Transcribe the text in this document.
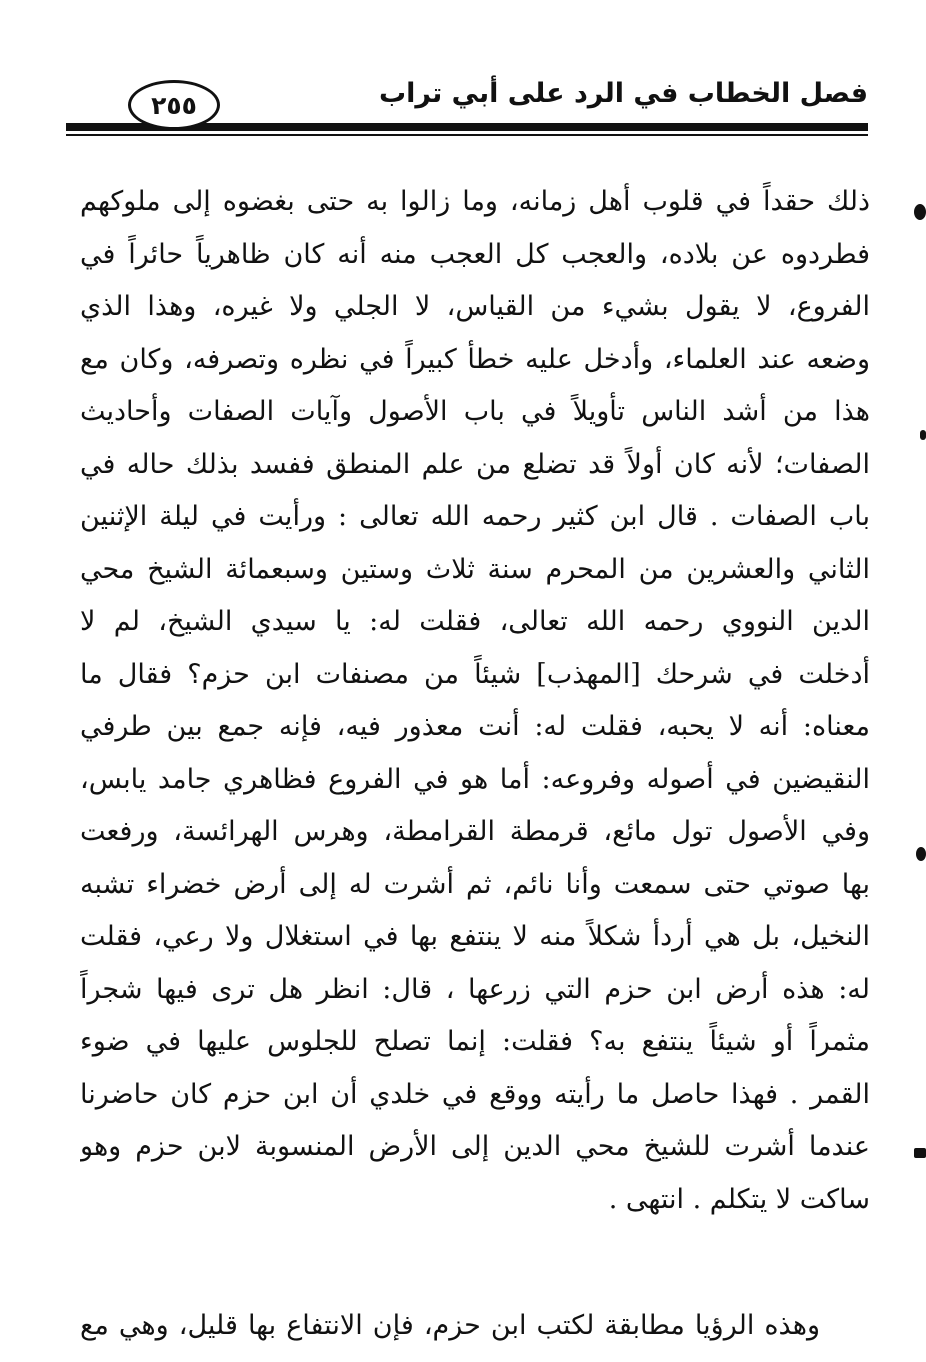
فصل الخطاب في الرد على أبي تراب
٢٥٥
ذلك حقداً في قلوب أهل زمانه، وما زالوا به حتى بغضوه إلى ملوكهم
فطردوه عن بلاده، والعجب كل العجب منه أنه كان ظاهرياً حائراً في
الفروع، لا يقول بشيء من القياس، لا الجلي ولا غيره، وهذا الذي
وضعه عند العلماء، وأدخل عليه خطأ كبيراً في نظره وتصرفه، وكان مع
هذا من أشد الناس تأويلاً في باب الأصول وآيات الصفات وأحاديث
الصفات؛ لأنه كان أولاً قد تضلع من علم المنطق ففسد بذلك حاله في
باب الصفات . قال ابن كثير رحمه الله تعالى : ورأيت في ليلة الإثنين
الثاني والعشرين من المحرم سنة ثلاث وستين وسبعمائة الشيخ محي
الدين النووي رحمه الله تعالى، فقلت له: يا سيدي الشيخ، لم لا
أدخلت في شرحك [المهذب] شيئاً من مصنفات ابن حزم؟ فقال ما
معناه: أنه لا يحبه، فقلت له: أنت معذور فيه، فإنه جمع بين طرفي
النقيضين في أصوله وفروعه: أما هو في الفروع فظاهري جامد يابس،
وفي الأصول تول مائع، قرمطة القرامطة، وهرس الهرائسة، ورفعت
بها صوتي حتى سمعت وأنا نائم، ثم أشرت له إلى أرض خضراء تشبه
النخيل، بل هي أردأ شكلاً منه لا ينتفع بها في استغلال ولا رعي، فقلت
له: هذه أرض ابن حزم التي زرعها ، قال: انظر هل ترى فيها شجراً
مثمراً أو شيئاً ينتفع به؟ فقلت: إنما تصلح للجلوس عليها في ضوء
القمر . فهذا حاصل ما رأيته ووقع في خلدي أن ابن حزم كان حاضرنا
عندما أشرت للشيخ محي الدين إلى الأرض المنسوبة لابن حزم وهو
ساكت لا يتكلم . انتهى .
وهذه الرؤيا مطابقة لكتب ابن حزم، فإن الانتفاع بها قليل، وهي مع
